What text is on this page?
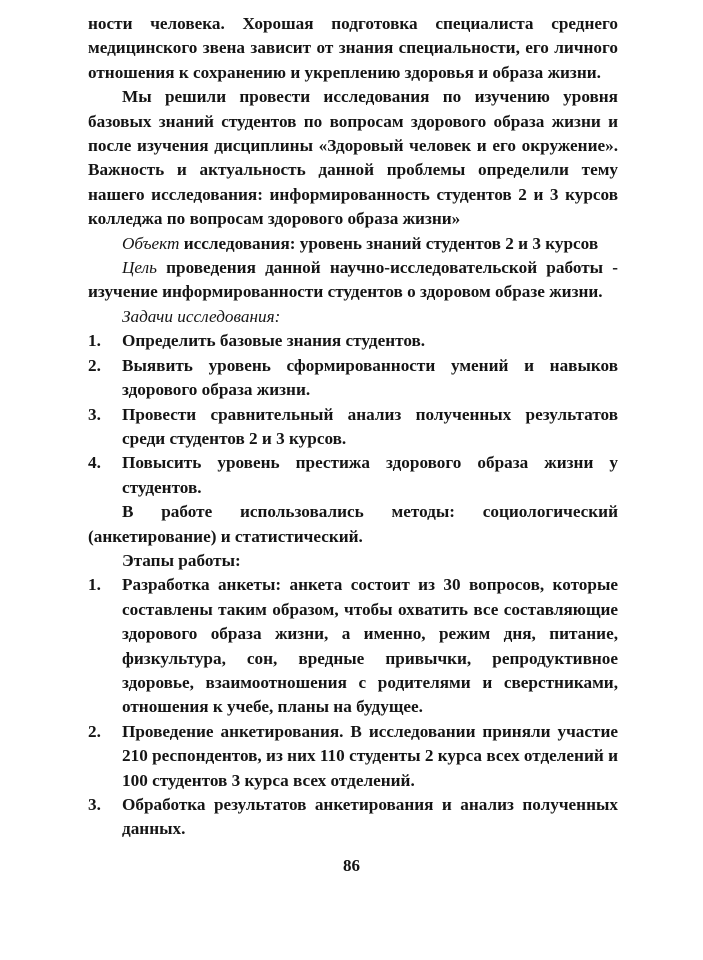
ности человека. Хорошая подготовка специалиста среднего медицинского звена зависит от знания специальности, его личного отношения к сохранению и укреплению здоровья и образа жизни.

Мы решили провести исследования по изучению уровня базовых знаний студентов по вопросам здорового образа жизни и после изучения дисциплины «Здоровый человек и его окружение». Важность и актуальность данной проблемы определили тему нашего исследования: информированность студентов 2 и 3 курсов колледжа по вопросам здорового образа жизни»

Объект исследования: уровень знаний студентов 2 и 3 курсов

Цель проведения данной научно-исследовательской работы - изучение информированности студентов о здоровом образе жизни.

Задачи исследования:

1.	Определить базовые знания студентов.
2.	Выявить уровень сформированности умений и навыков здорового образа жизни.
3.	Провести сравнительный анализ полученных результатов среди студентов 2 и 3 курсов.
4.	Повысить уровень престижа здорового образа жизни у студентов.

В работе использовались методы: социологический (анкетирование) и статистический.

Этапы работы:

1.	Разработка анкеты: анкета состоит из 30 вопросов, которые составлены таким образом, чтобы охватить все составляющие здорового образа жизни, а именно, режим дня, питание, физкультура, сон, вредные привычки, репродуктивное здоровье, взаимоотношения с родителями и сверстниками, отношения к учебе, планы на будущее.
2.	Проведение анкетирования. В исследовании приняли участие 210 респондентов, из них 110 студенты 2 курса всех отделений и 100 студентов 3 курса всех отделений.
3.	Обработка результатов анкетирования и анализ полученных данных.
86
